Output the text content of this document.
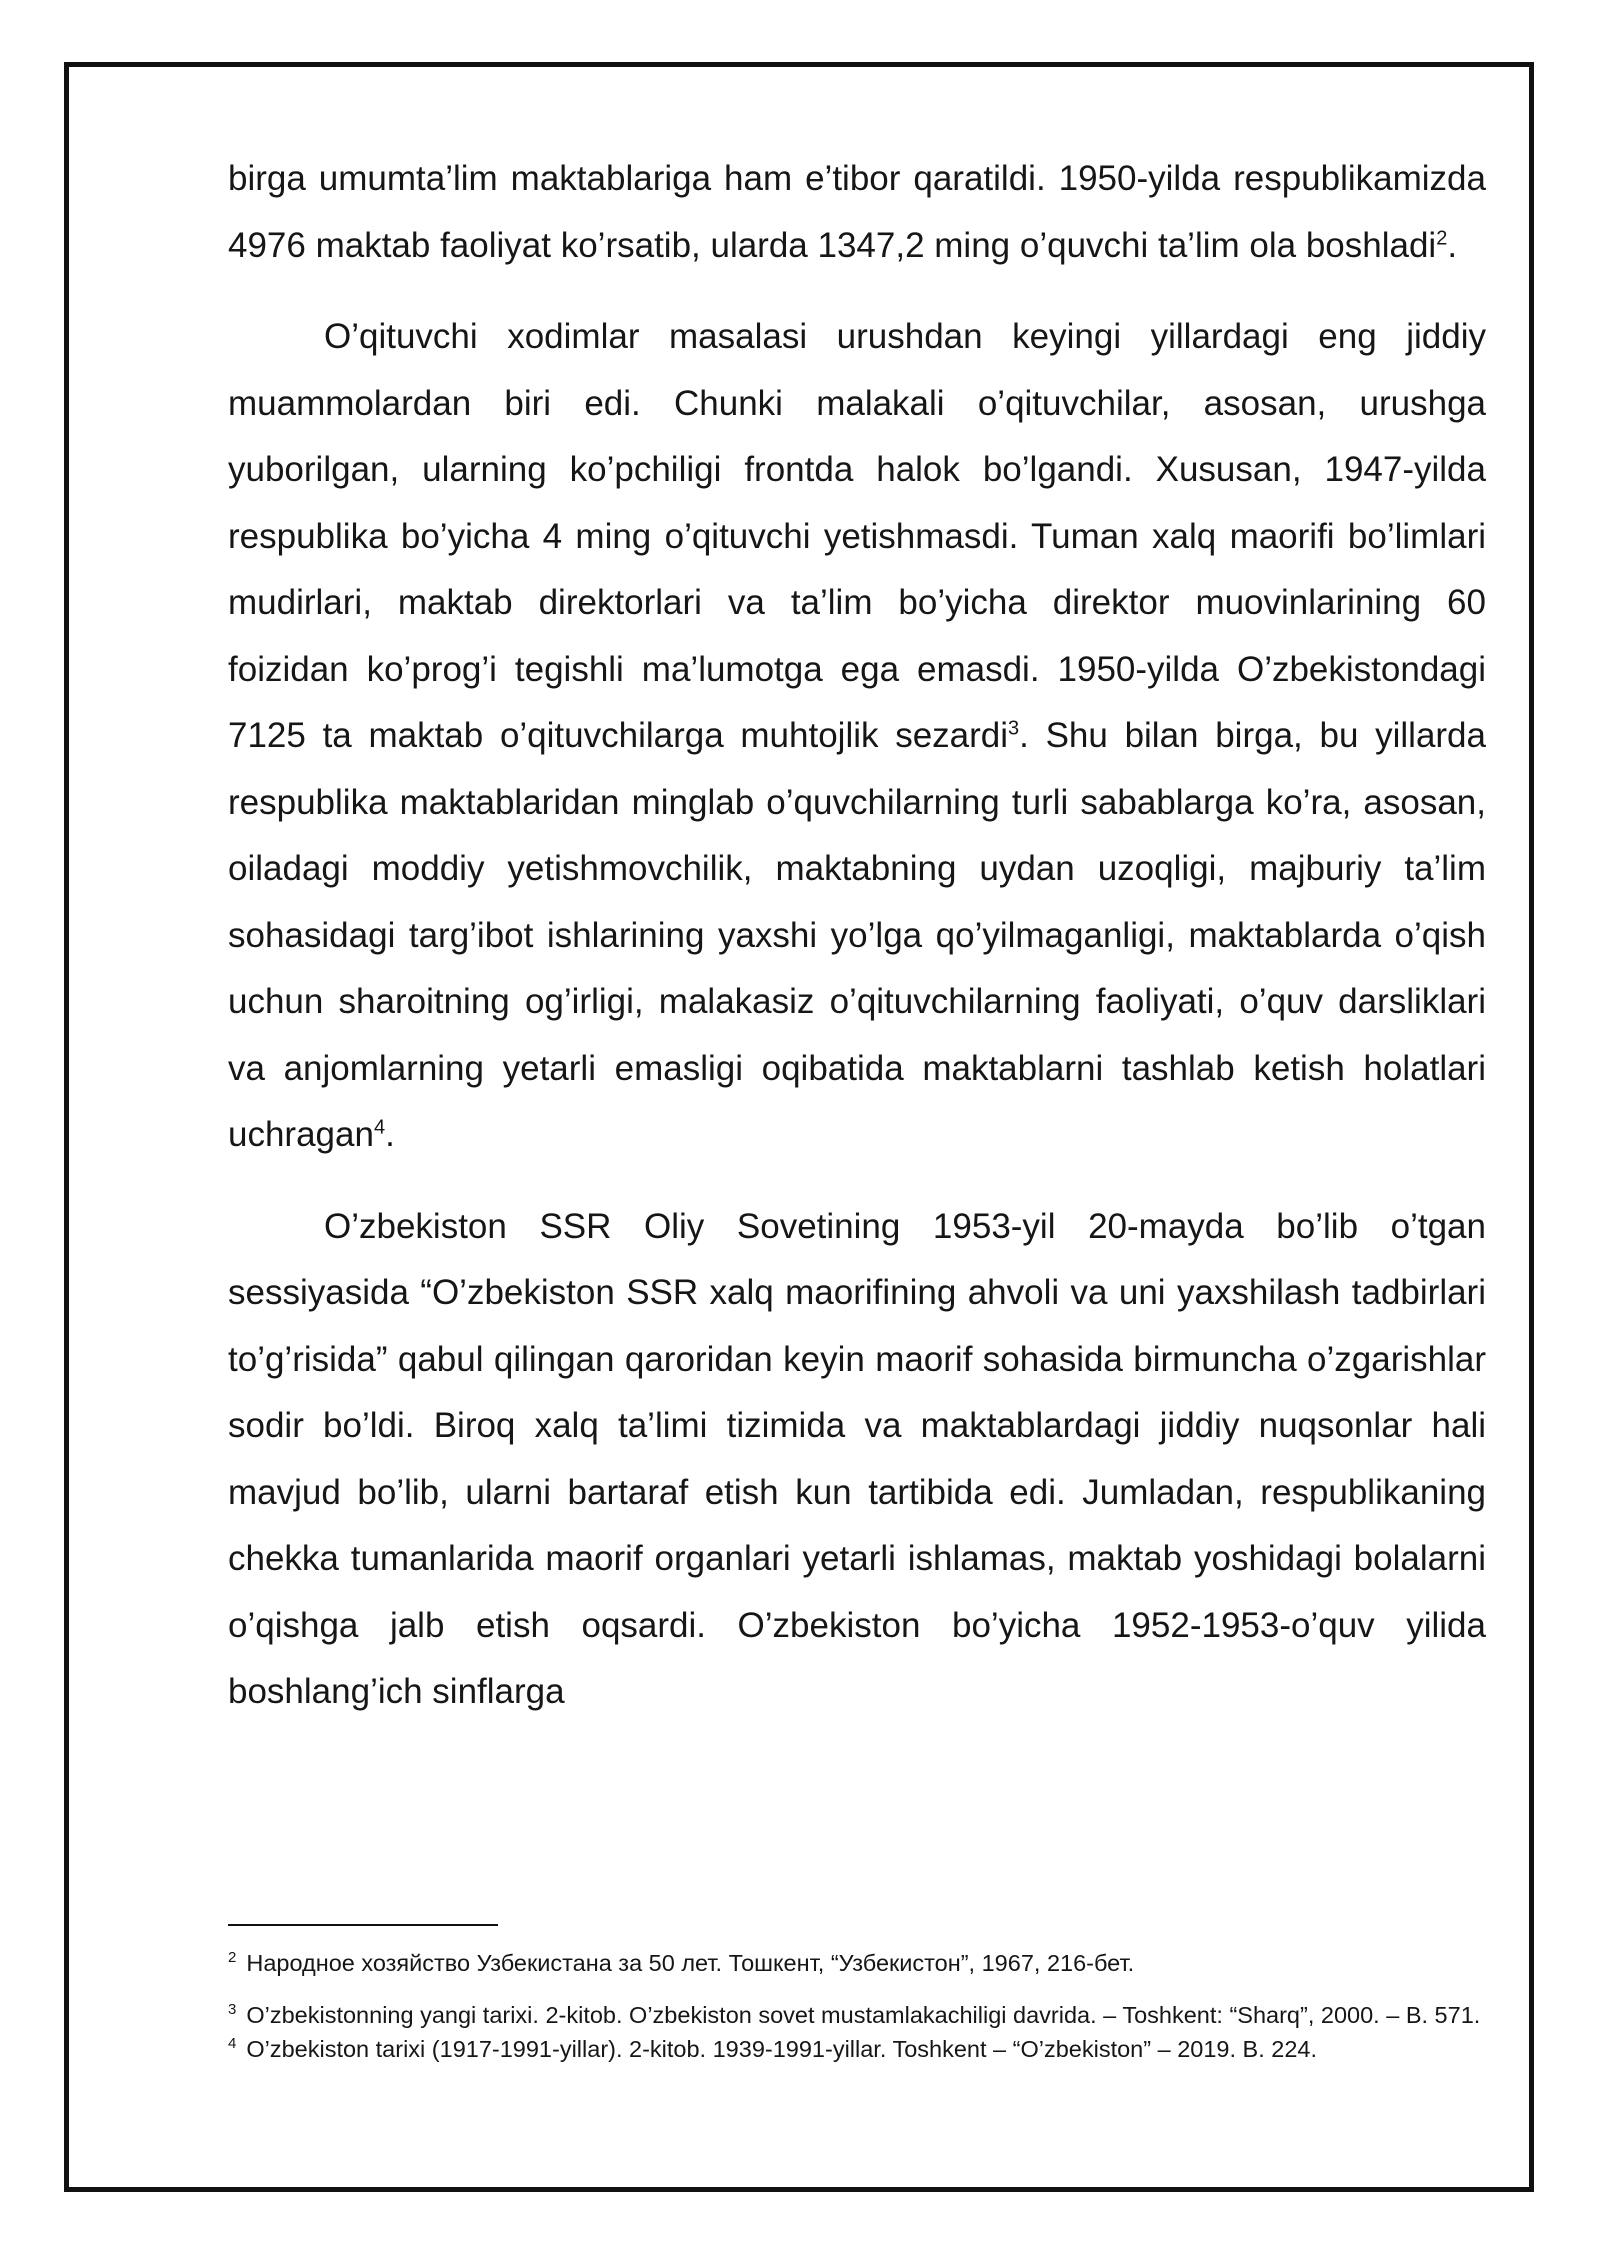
birga umumta’lim maktablariga ham e’tibor qaratildi. 1950-yilda respublikamizda 4976 maktab faoliyat ko’rsatib, ularda 1347,2 ming o’quvchi ta’lim ola boshladi$^2$.

O’qituvchi xodimlar masalasi urushdan keyingi yillardagi eng jiddiy muammolardan biri edi. Chunki malakali o’qituvchilar, asosan, urushga yuborilgan, ularning ko’pchiligi frontda halok bo’lgandi. Xususan, 1947-yilda respublika bo’yicha 4 ming o’qituvchi yetishmasdi. Tuman xalq maorifi bo’limlari mudirlari, maktab direktorlari va ta’lim bo’yicha direktor muovinlarining 60 foizidan ko’prog’i tegishli ma’lumotga ega emasdi. 1950-yilda O’zbekistondagi 7125 ta maktab o’qituvchilarga muhtojlik sezardi$^3$. Shu bilan birga, bu yillarda respublika maktablaridan minglab o’quvchilarning turli sabablarga ko’ra, asosan, oiladagi moddiy yetishmovchilik, maktabning uydan uzoqligi, majburiy ta’lim sohasidagi targ’ibot ishlarining yaxshi yo’lga qo’yilmaganligi, maktablarda o’qish uchun sharoitning og’irligi, malakasiz o’qituvchilarning faoliyati, o’quv darsliklari va anjomlarning yetarli emasligi oqibatida maktablarni tashlab ketish holatlari uchragan$^4$.

O’zbekiston SSR Oliy Sovetining 1953-yil 20-mayda bo’lib o’tgan sessiyasida “O’zbekiston SSR xalq maorifining ahvoli va uni yaxshilash tadbirlari to’g’risida” qabul qilingan qaroridan keyin maorif sohasida birmuncha o’zgarishlar sodir bo’ldi. Biroq xalq ta’limi tizimida va maktablardagi jiddiy nuqsonlar hali mavjud bo’lib, ularni bartaraf etish kun tartibida edi. Jumladan, respublikaning chekka tumanlarida maorif organlari yetarli ishlamas, maktab yoshidagi bolalarni o’qishga jalb etish oqsardi. O’zbekiston bo’yicha 1952-1953-o’quv yilida boshlang’ich sinflarga

$^2$ Народное хозяйство Узбекистана за 50 лет. Тошкент, “Узбекистон”, 1967, 216-бет.

$^3$ O’zbekistonning yangi tarixi. 2-kitob. O’zbekiston sovet mustamlakachiligi davrida. – Toshkent: “Sharq”, 2000. – B. 571.

$^4$ O’zbekiston tarixi (1917-1991-yillar). 2-kitob. 1939-1991-yillar. Toshkent – “O’zbekiston” – 2019. B. 224.
